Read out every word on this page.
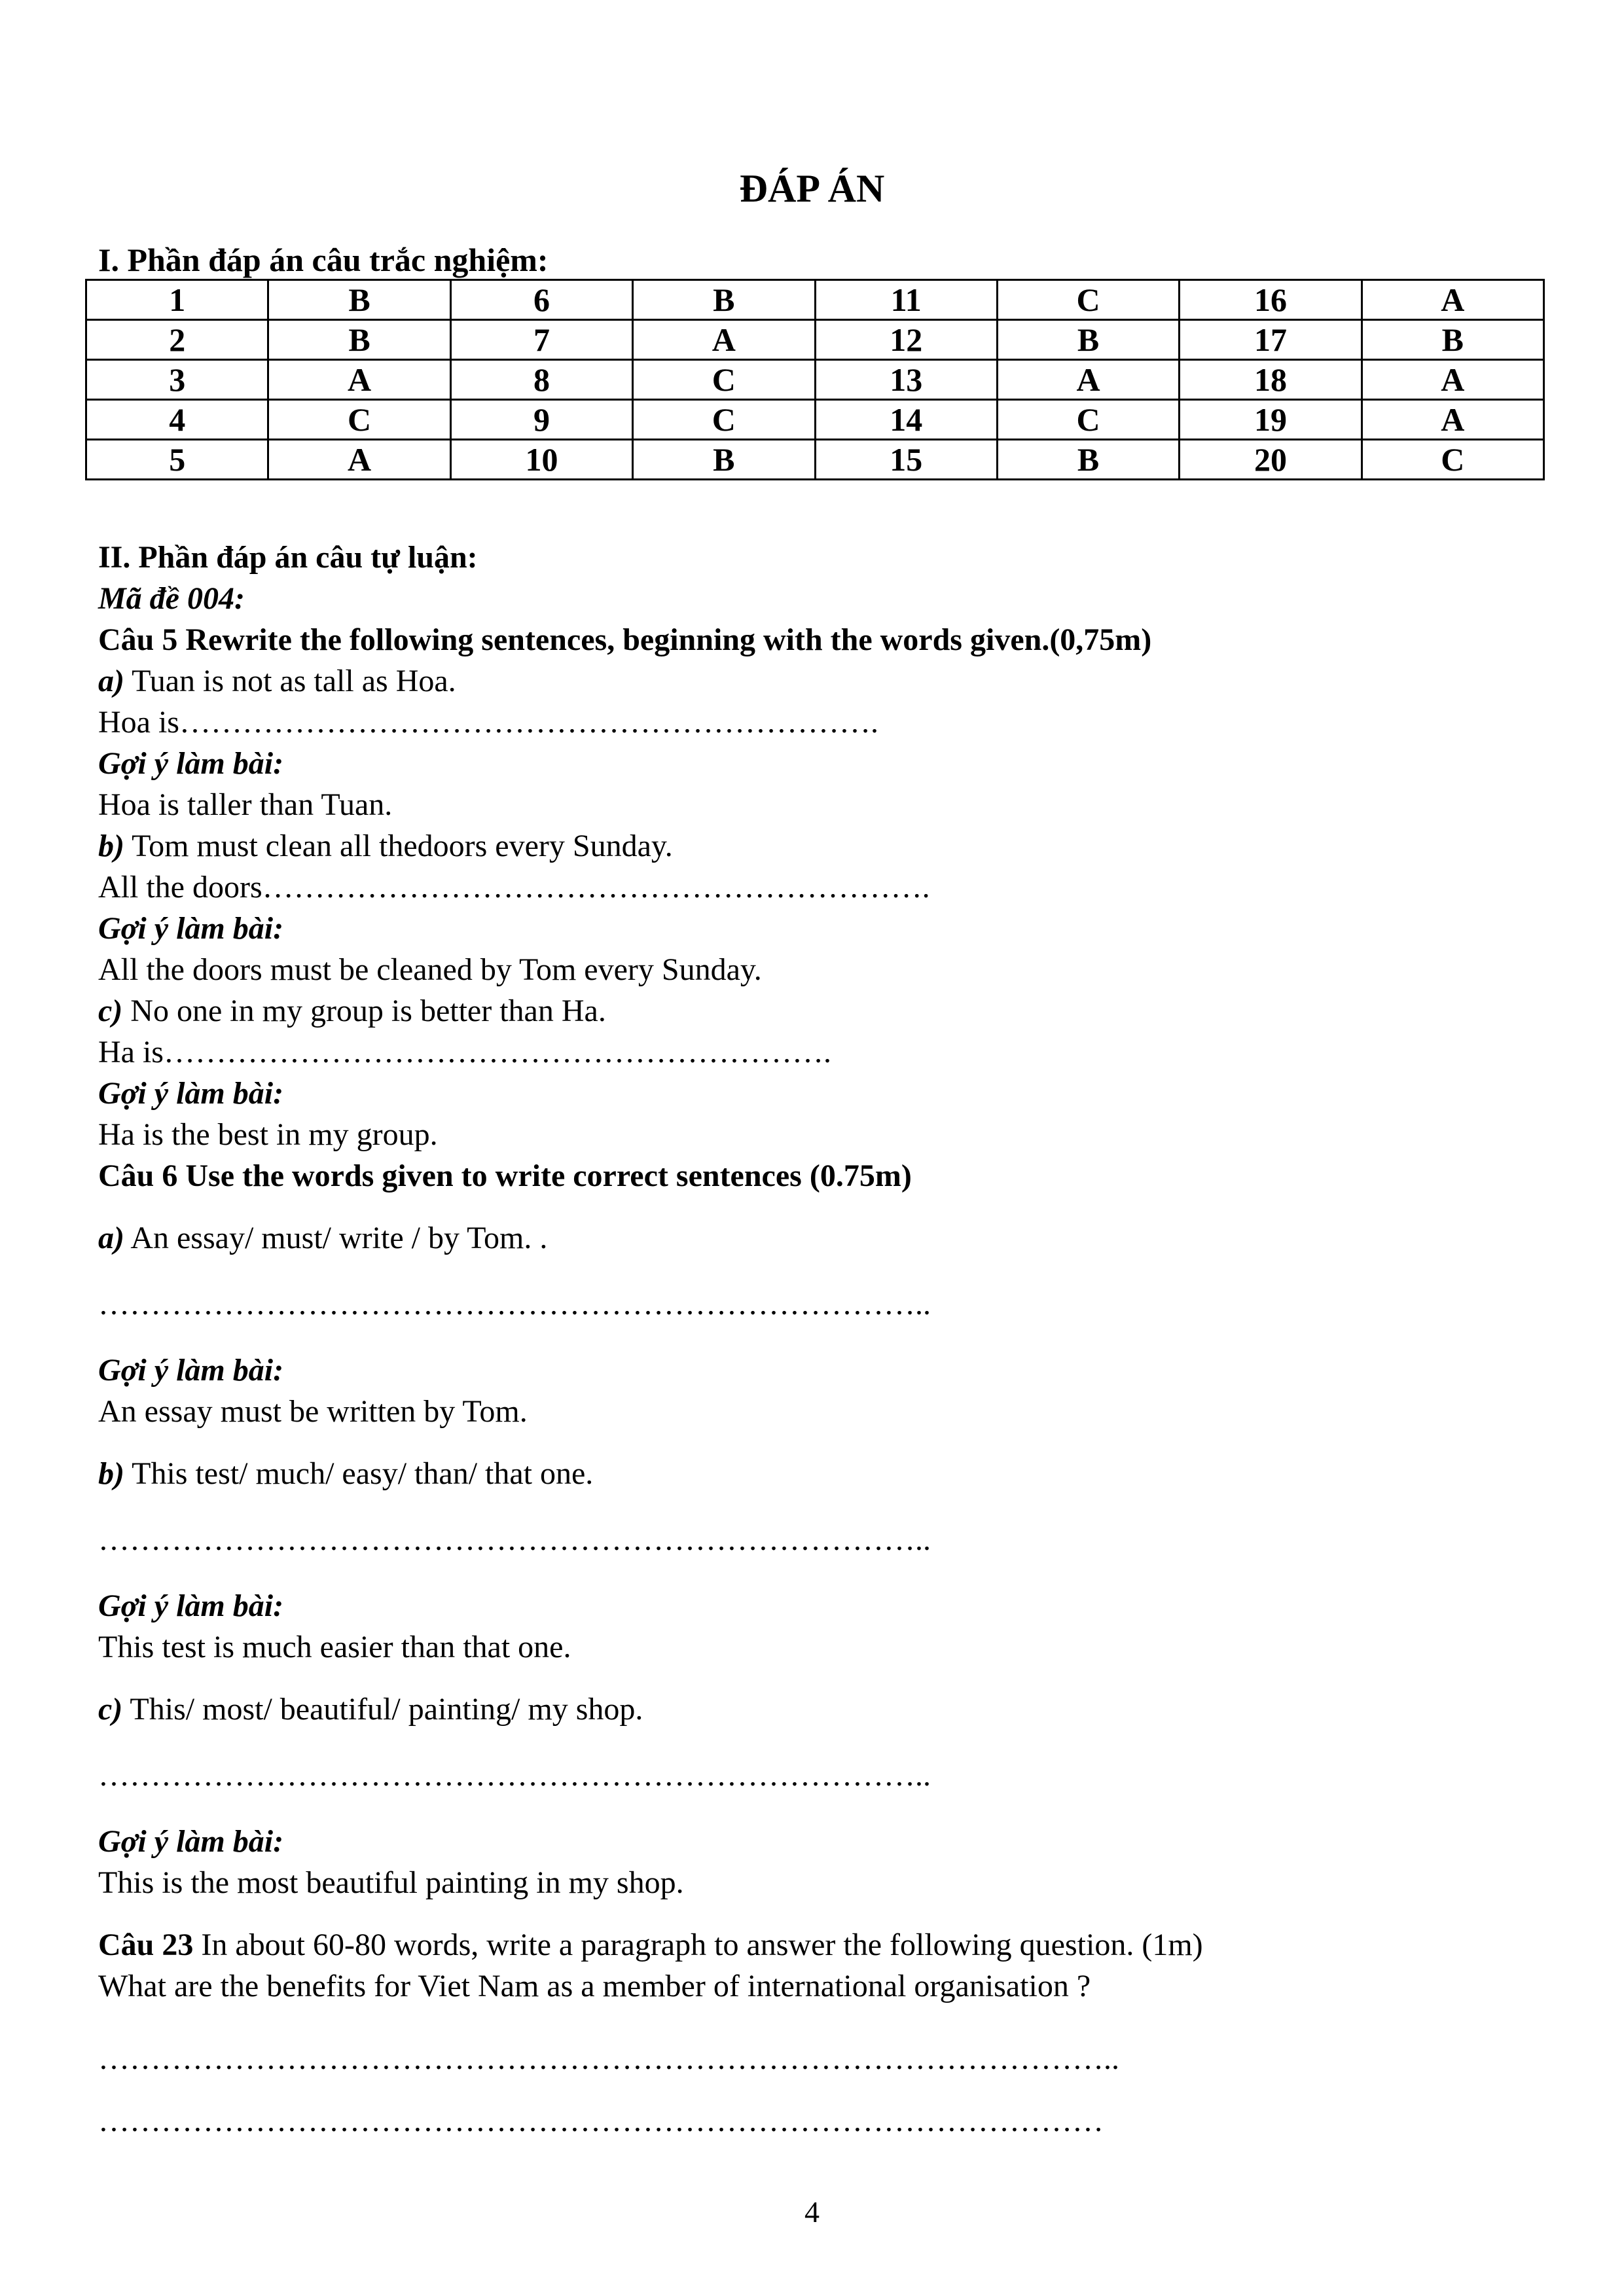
ĐÁP ÁN
I. Phần đáp án câu trắc nghiệm:
1	B	6	B	11	C	16	A
2	B	7	A	12	B	17	B
3	A	8	C	13	A	18	A
4	C	9	C	14	C	19	A
5	A	10	B	15	B	20	C
II. Phần đáp án câu tự luận:
Mã đề 004:
Câu 5 Rewrite the following sentences, beginning with the words given.(0,75m)
a) Tuan is not as tall as Hoa.
Hoa is………………………………………………………….
Gợi ý làm bài:
Hoa is taller than Tuan.
b) Tom must clean all thedoors every Sunday.
All the doors……………………………………………………….
Gợi ý làm bài:
All the doors must be cleaned by Tom every Sunday.
c) No one in my group is better than Ha.
Ha is……………………………………………………….
Gợi ý làm bài:
Ha is the best in my group.
Câu 6 Use the words given to write correct sentences (0.75m)
a) An essay/ must/ write / by Tom. .
……………………………………………………………………..
Gợi ý làm bài:
An essay must be written by Tom.
b) This test/ much/ easy/ than/ that one.
……………………………………………………………………..
Gợi ý làm bài:
This test is much easier than that one.
c) This/ most/ beautiful/ painting/ my shop.
……………………………………………………………………..
Gợi ý làm bài:
This is the most beautiful painting in my shop.
Câu 23 In about 60-80 words, write a paragraph to answer the following question. (1m)
What are the benefits for Viet Nam as a member of international organisation ?
……………………………………………………………………………………..
……………………………………………………………………………………
4
